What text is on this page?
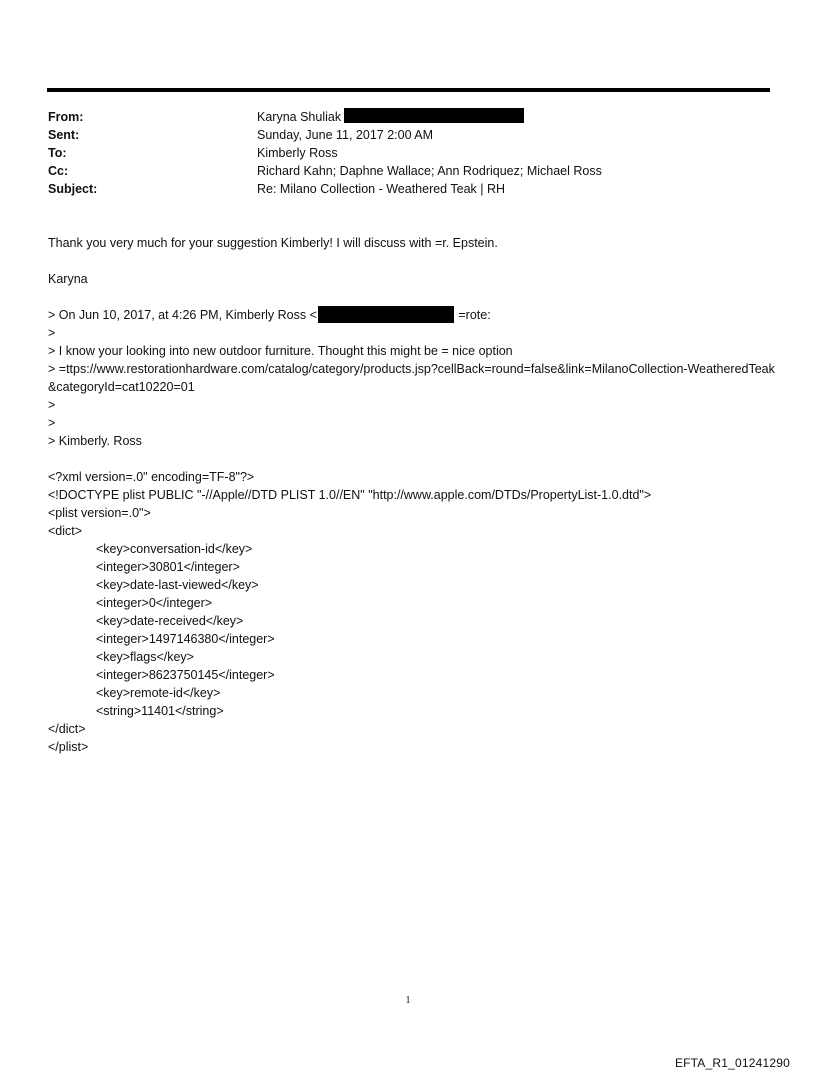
From:	Karyna Shuliak
Sent:	Sunday, June 11, 2017 2:00 AM
To:	Kimberly Ross
Cc:	Richard Kahn; Daphne Wallace; Ann Rodriquez; Michael Ross
Subject:	Re: Milano Collection - Weathered Teak | RH
Thank you very much for your suggestion Kimberly! I will discuss with =r. Epstein.
Karyna
> On Jun 10, 2017, at 4:26 PM, Kimberly Ross <	=rote:
>
> I know your looking into new outdoor furniture. Thought this might be = nice option
> =ttps://www.restorationhardware.com/catalog/category/products.jsp?cellBack=round=false&link=MilanoCollection-WeatheredTeak&categoryId=cat10220=01
>
>
> Kimberly. Ross
<?xml version=.0" encoding=TF-8"?>
<!DOCTYPE plist PUBLIC "-//Apple//DTD PLIST 1.0//EN" "http://www.apple.com/DTDs/PropertyList-1.0.dtd">
<plist version=.0">
<dict>
<key>conversation-id</key>
<integer>30801</integer>
<key>date-last-viewed</key>
<integer>0</integer>
<key>date-received</key>
<integer>1497146380</integer>
<key>flags</key>
<integer>8623750145</integer>
<key>remote-id</key>
<string>11401</string>
</dict>
</plist>
1
EFTA_R1_01241290
